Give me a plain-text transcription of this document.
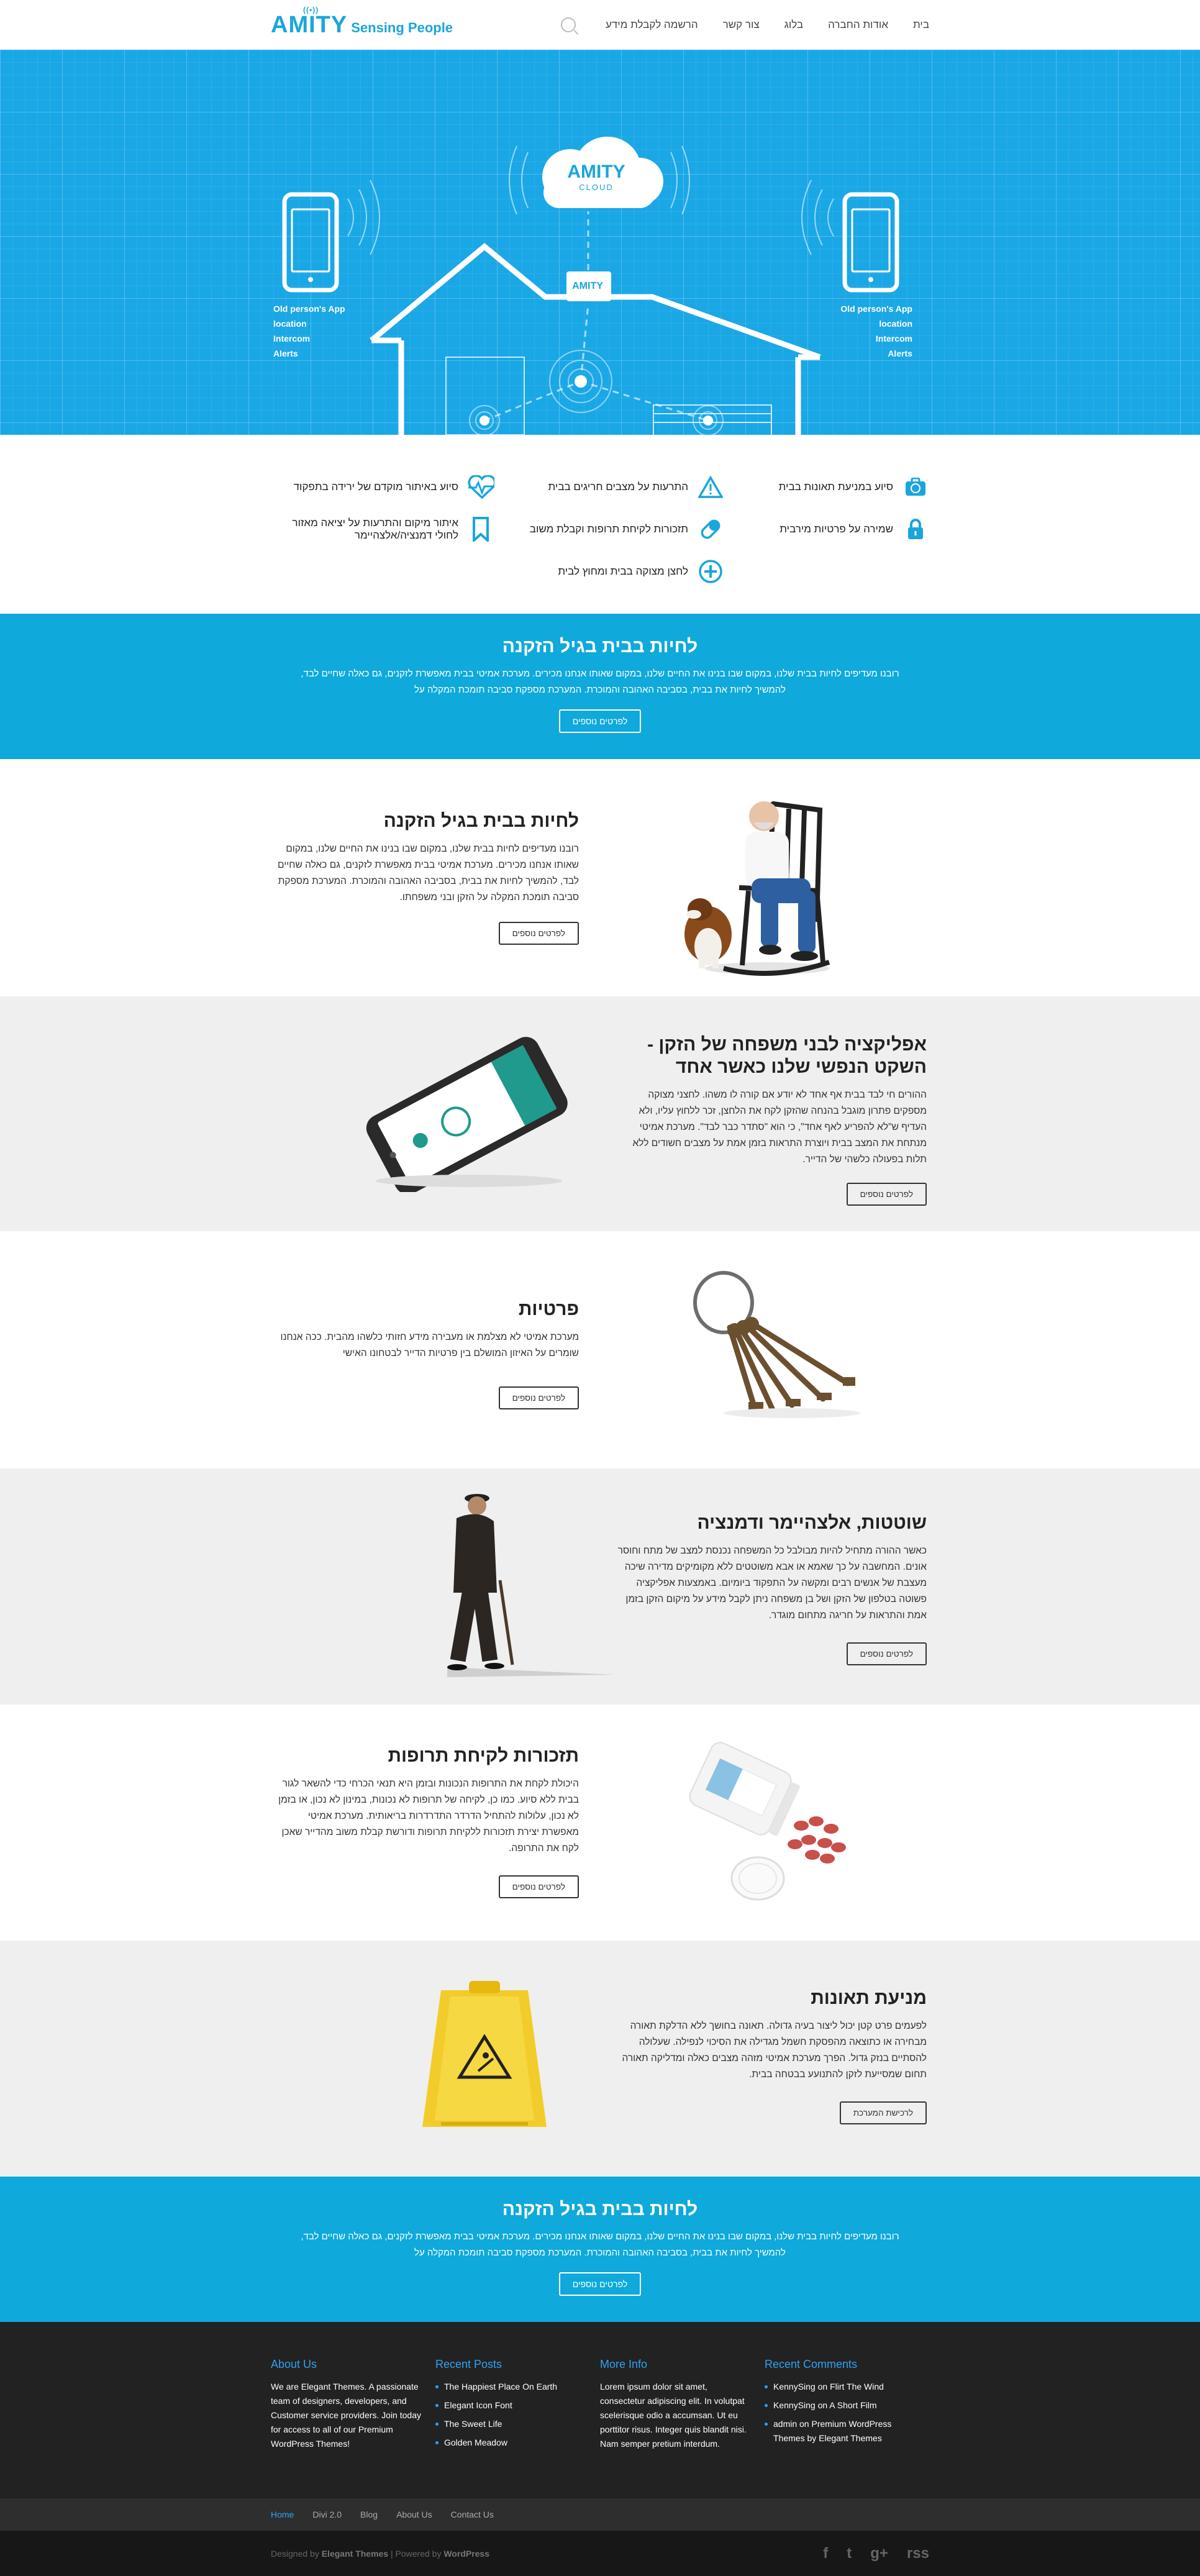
AMITY
((•))
Sensing People	בית
אודות החברה
בלוג
צור קשר
הרשמה לקבלת מידע
AMITY
CLOUD
AMITY
Old person's App
location
Intercom
Alerts
Old person's App
location
Intercom
Alerts
סיוע במניעת תאונות בבית
התרעות על מצבים חריגים בבית
סיוע באיתור מוקדם של ירידה בתפקוד
שמירה על פרטיות מירבית
תזכורות לקיחת תרופות וקבלת משוב
איתור מיקום והתרעות על יציאה מאזור לחולי דמנציה/אלצהיימר
לחצן מצוקה בבית ומחוץ לבית
לחיות בבית בגיל הזקנה

רובנו מעדיפים לחיות בבית שלנו, במקום שבו בנינו את החיים שלנו, במקום שאותו אנחנו מכירים. מערכת אמיטי בבית מאפשרת לזקנים, גם כאלה שחיים לבד, להמשיך לחיות את בבית, בסביבה האהובה והמוכרת. המערכת מספקת סביבה תומכת המקלה על

לפרטים נוספים
לחיות בבית בגיל הזקנה

רובנו מעדיפים לחיות בבית שלנו, במקום שבו בנינו את החיים שלנו, במקום שאותו אנחנו מכירים. מערכת אמיטי בבית מאפשרת לזקנים, גם כאלה שחיים לבד, להמשיך לחיות את בבית, בסביבה האהובה והמוכרת. המערכת מספקת סביבה תומכת המקלה על הזקן ובני משפחתו.

לפרטים נוספים
אפליקציה לבני משפחה של הזקן - השקט הנפשי שלנו כאשר אחד

ההורים חי לבד בבית אף אחד לא יודע אם קורה לו משהו. לחצני מצוקה מספקים פתרון מוגבל בהנחה שהזקן לקח את הלחצן, זכר ללחוץ עליו, ולא העדיף ש"לא להפריע לאף אחד", כי הוא "סתדר כבר לבד". מערכת אמיטי מנתחת את המצב בבית ויוצרת התראות בזמן אמת על מצבים חשודים ללא תלות בפעולה כלשהי של הדייר.

לפרטים נוספים
פרטיות

מערכת אמיטי לא מצלמת או מעבירה מידע חזותי כלשהו מהבית. ככה אנחנו שומרים על האיזון המושלם בין פרטיות הדייר לבטחונו האישי

לפרטים נוספים
שוטטות, אלצהיימר ודמנציה

כאשר ההורה מתחיל להיות מבולבל כל המשפחה נכנסת למצב של מתח וחוסר אונים. המחשבה על כך שאמא או אבא משוטטים ללא מקומיקים מדירה שיכה מעצבת של אנשים רבים ומקשה על התפקוד ביומיום. באמצעות אפליקציה פשוטה בטלפון של הזקן ושל בן משפחה ניתן לקבל מידע על מיקום הזקן בזמן אמת והתראות על חריגה מתחום מוגדר.

לפרטים נוספים
תזכורות לקיחת תרופות

היכולת לקחת את התרופות הנכונות ובזמן היא תנאי הכרחי כדי להשאר לגור בבית ללא סיוע. כמו כן, לקיחה של תרופות לא נכונות, במינון לא נכון, או בזמן לא נכון, עלולות להתחיל הדרדר התדרדרות בריאותית. מערכת אמיטי מאפשרת יצירת תזכורות ללקיחת תרופות ודורשת קבלת משוב מהדייר שאכן לקח את התרופה.

לפרטים נוספים
מניעת תאונות

לפעמים פרט קטן יכול ליצור בעיה גדולה. תאונה בחושך ללא הדלקת תאורה מבחירה או כתוצאה מהפסקת חשמל מגדילה את הסיכוי לנפילה. שעלולה להסתיים בנזק גדול. הפרך מערכת אמיטי מזהה מצבים כאלה ומדליקה תאורה תחום שמסייעת לזקן להתנועע בבטחה בבית.

לרכישת המערכת
לחיות בבית בגיל הזקנה

רובנו מעדיפים לחיות בבית שלנו, במקום שבו בנינו את החיים שלנו, במקום שאותו אנחנו מכירים. מערכת אמיטי בבית מאפשרת לזקנים, גם כאלה שחיים לבד, להמשיך לחיות את בבית, בסביבה האהובה והמוכרת. המערכת מספקת סביבה תומכת המקלה על

לפרטים נוספים
About Us

We are Elegant Themes. A passionate team of designers, developers, and Customer service providers. Join today for access to all of our Premium WordPress Themes!

Recent Posts
The Happiest Place On Earth
Elegant Icon Font
The Sweet Life
Golden Meadow
More Info

Lorem ipsum dolor sit amet, consectetur adipiscing elit. In volutpat scelerisque odio a accumsan. Ut eu porttitor risus. Integer quis blandit nisi. Nam semper pretium interdum.

Recent Comments
KennySing on Flirt The Wind
KennySing on A Short Film
admin on Premium WordPress Themes by Elegant Themes
Home Divi 2.0 Blog About Us Contact Us
Designed by Elegant Themes | Powered by WordPress	f t g+ rss
